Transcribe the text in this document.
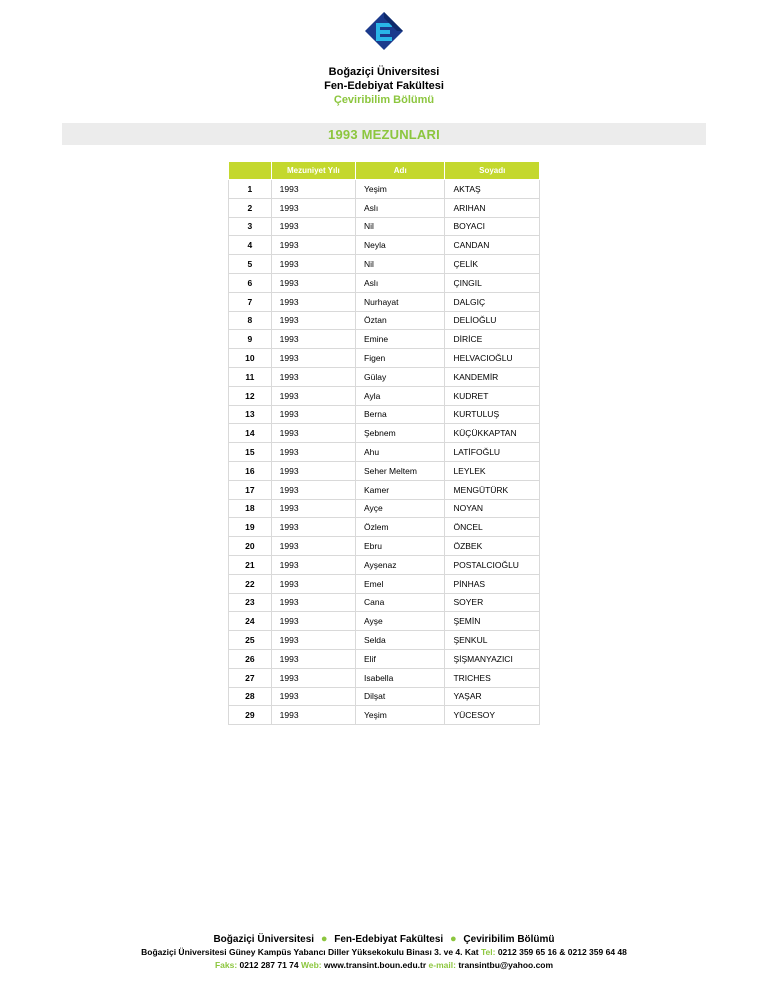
Boğaziçi Üniversitesi
Fen-Edebiyat Fakültesi
Çeviribilim Bölümü
1993 MEZUNLARI
	Mezuniyet Yılı	Adı	Soyadı
1	1993	Yeşim	AKTAŞ
2	1993	Aslı	ARIHAN
3	1993	Nil	BOYACI
4	1993	Neyla	CANDAN
5	1993	Nil	ÇELİK
6	1993	Aslı	ÇINGIL
7	1993	Nurhayat	DALGIÇ
8	1993	Öztan	DELİOĞLU
9	1993	Emine	DİRİCE
10	1993	Figen	HELVACIOĞLU
11	1993	Gülay	KANDEMİR
12	1993	Ayla	KUDRET
13	1993	Berna	KURTULUŞ
14	1993	Şebnem	KÜÇÜKKAPTAN
15	1993	Ahu	LATİFOĞLU
16	1993	Seher Meltem	LEYLEK
17	1993	Kamer	MENGÜTÜRK
18	1993	Ayçe	NOYAN
19	1993	Özlem	ÖNCEL
20	1993	Ebru	ÖZBEK
21	1993	Ayşenaz	POSTALCIOĞLU
22	1993	Emel	PİNHAS
23	1993	Cana	SOYER
24	1993	Ayşe	ŞEMİN
25	1993	Selda	ŞENKUL
26	1993	Elif	ŞİŞMANYAZICI
27	1993	Isabella	TRICHES
28	1993	Dilşat	YAŞAR
29	1993	Yeşim	YÜCESOY
Boğaziçi Üniversitesi ● Fen-Edebiyat Fakültesi ● Çeviribilim Bölümü
Boğaziçi Üniversitesi Güney Kampüs Yabancı Diller Yüksekokulu Binası 3. ve 4. Kat Tel: 0212 359 65 16 & 0212 359 64 48
Faks: 0212 287 71 74 Web: www.transint.boun.edu.tr e-mail: transintbu@yahoo.com
